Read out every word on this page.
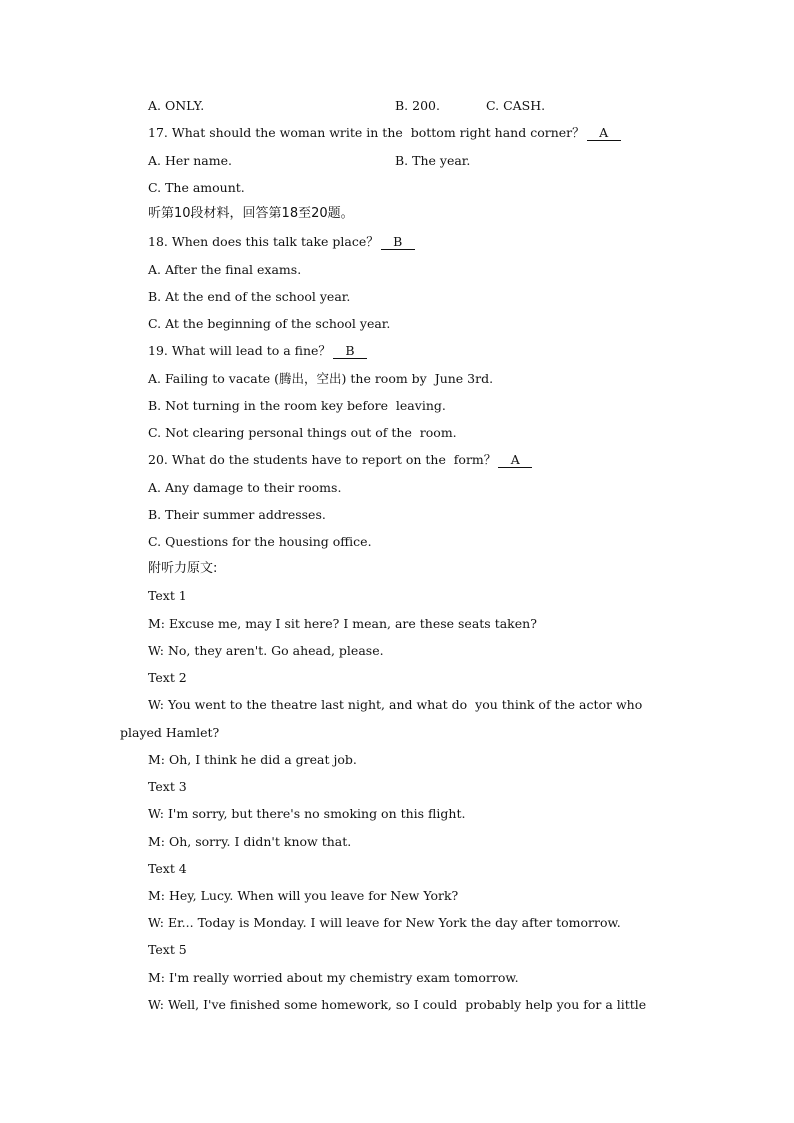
A. ONLY.	B. 200.	C. CASH.
17. What should the woman write in the  bottom right hand corner？ A
A. Her name.	B. The year.
C. The amount.
听第10段材料，回答第18至20题。
18. When does this talk take place？ B
A. After the final exams.
B. At the end of the school year.
C. At the beginning of the school year.
19. What will lead to a fine？ B
A. Failing to vacate (腾出，空出) the room by  June 3rd.
B. Not turning in the room key before  leaving.
C. Not clearing personal things out of the  room.
20. What do the students have to report on the  form？ A
A. Any damage to their rooms.
B. Their summer addresses.
C. Questions for the housing office.
附听力原文:
Text 1
M: Excuse me, may I sit here? I mean, are these seats taken?
W: No, they aren't. Go ahead, please.
Text 2
W: You went to the theatre last night, and what do  you think of the actor who
played Hamlet?
M: Oh, I think he did a great job.
Text 3
W: I'm sorry, but there's no smoking on this flight.
M: Oh, sorry. I didn't know that.
Text 4
M: Hey, Lucy. When will you leave for New York?
W: Er... Today is Monday. I will leave for New York the day after tomorrow.
Text 5
M: I'm really worried about my chemistry exam tomorrow.
W: Well, I've finished some homework, so I could  probably help you for a little
